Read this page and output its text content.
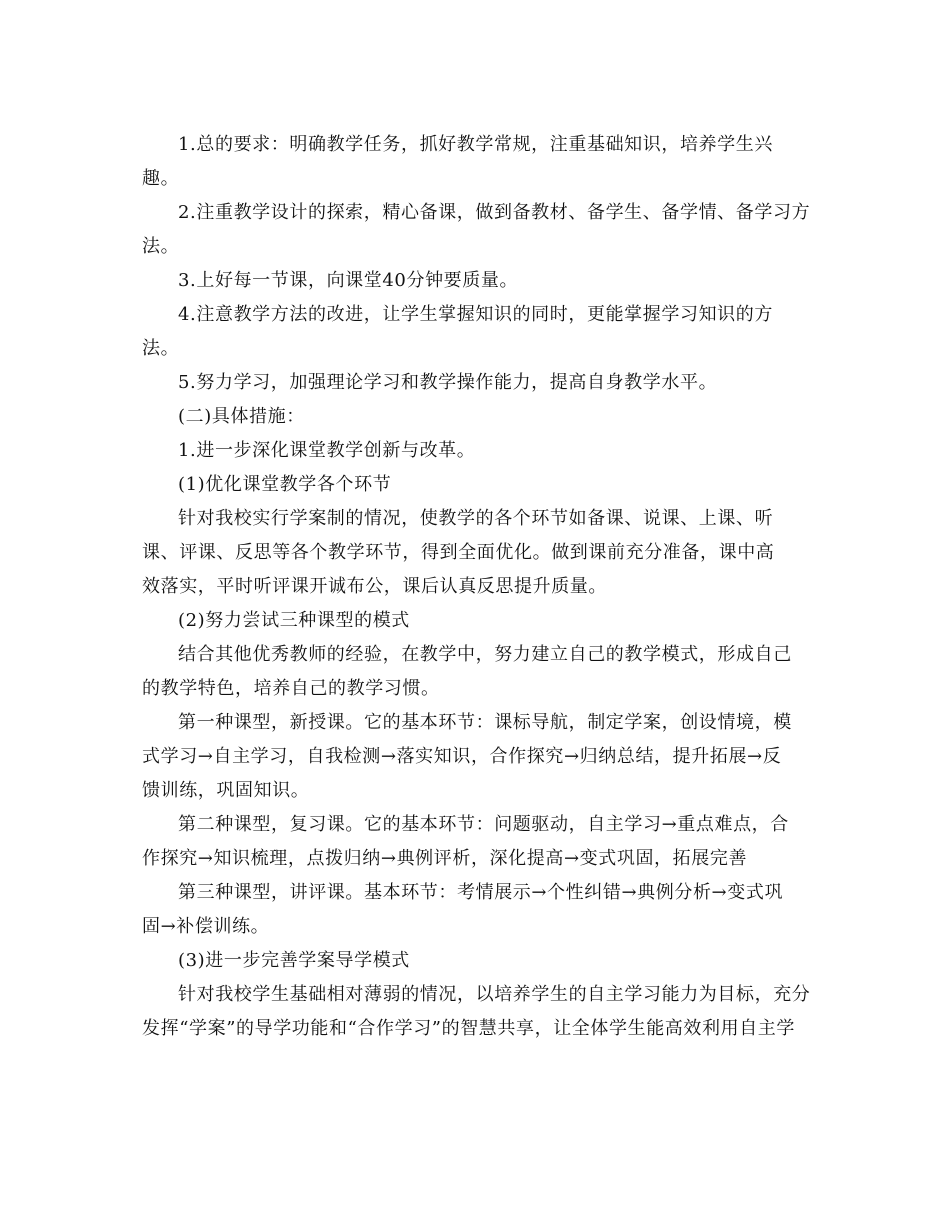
1.总的要求：明确教学任务，抓好教学常规，注重基础知识，培养学生兴趣。

2.注重教学设计的探索，精心备课，做到备教材、备学生、备学情、备学习方法。

3.上好每一节课，向课堂40分钟要质量。

4.注意教学方法的改进，让学生掌握知识的同时，更能掌握学习知识的方法。

5.努力学习，加强理论学习和教学操作能力，提高自身教学水平。

(二)具体措施：

1.进一步深化课堂教学创新与改革。

(1)优化课堂教学各个环节

针对我校实行学案制的情况，使教学的各个环节如备课、说课、上课、听课、评课、反思等各个教学环节，得到全面优化。做到课前充分准备，课中高效落实，平时听评课开诚布公，课后认真反思提升质量。

(2)努力尝试三种课型的模式

结合其他优秀教师的经验，在教学中，努力建立自己的教学模式，形成自己的教学特色，培养自己的教学习惯。

第一种课型，新授课。它的基本环节：课标导航，制定学案，创设情境，模式学习→自主学习，自我检测→落实知识，合作探究→归纳总结，提升拓展→反馈训练，巩固知识。

第二种课型，复习课。它的基本环节：问题驱动，自主学习→重点难点，合作探究→知识梳理，点拨归纳→典例评析，深化提高→变式巩固，拓展完善

第三种课型，讲评课。基本环节：考情展示→个性纠错→典例分析→变式巩固→补偿训练。

(3)进一步完善学案导学模式

针对我校学生基础相对薄弱的情况，以培养学生的自主学习能力为目标，充分发挥“学案”的导学功能和“合作学习”的智慧共享，让全体学生能高效利用自主学
